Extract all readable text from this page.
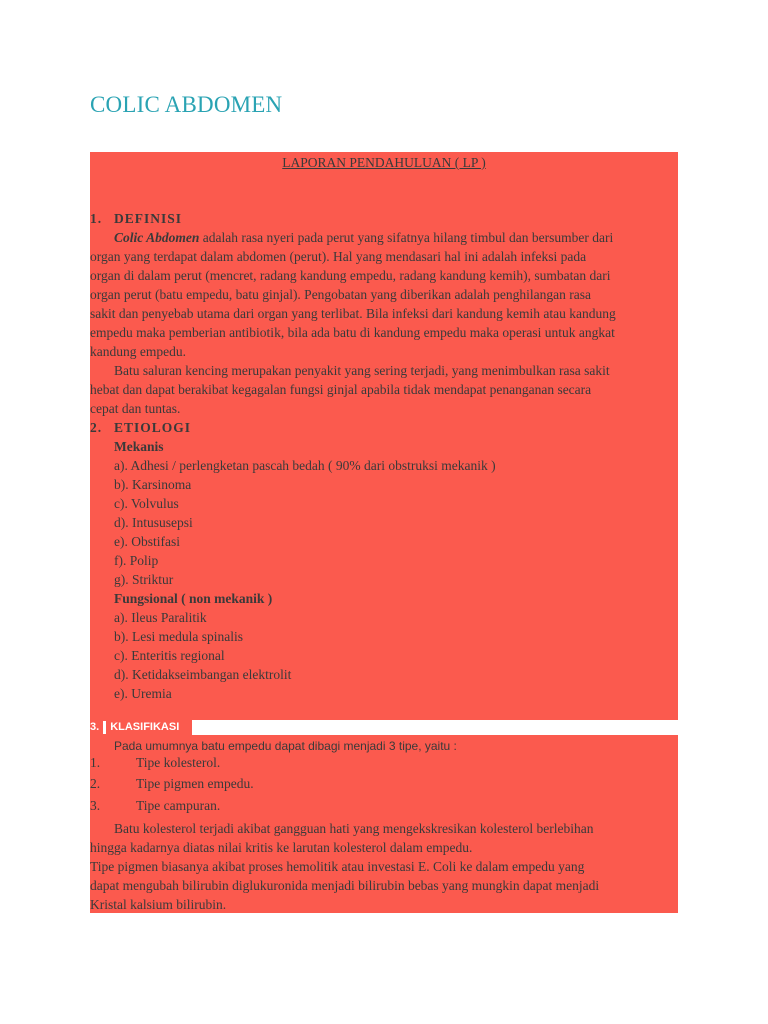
COLIC ABDOMEN
LAPORAN PENDAHULUAN ( LP )
1. DEFINISI
Colic Abdomen adalah rasa nyeri pada perut yang sifatnya hilang timbul dan bersumber dari
organ yang terdapat dalam abdomen (perut). Hal yang mendasari hal ini adalah infeksi pada
organ di dalam perut (mencret, radang kandung empedu, radang kandung kemih), sumbatan dari
organ perut (batu empedu, batu ginjal). Pengobatan yang diberikan adalah penghilangan rasa
sakit dan penyebab utama dari organ yang terlibat. Bila infeksi dari kandung kemih atau kandung
empedu maka pemberian antibiotik, bila ada batu di kandung empedu maka operasi untuk angkat
kandung empedu.
Batu saluran kencing merupakan penyakit yang sering terjadi, yang menimbulkan rasa sakit
hebat dan dapat berakibat kegagalan fungsi ginjal apabila tidak mendapat penanganan secara
cepat dan tuntas.
2. ETIOLOGI
Mekanis
a). Adhesi / perlengketan pascah bedah ( 90% dari obstruksi mekanik )
b). Karsinoma
c). Volvulus
d). Intususepsi
e). Obstifasi
f). Polip
g). Striktur
Fungsional ( non mekanik )
a). Ileus Paralitik
b). Lesi medula spinalis
c). Enteritis regional
d). Ketidakseimbangan elektrolit
e). Uremia
3. KLASIFIKASI
Pada umumnya batu empedu dapat dibagi menjadi 3 tipe, yaitu :
1.	Tipe kolesterol.
2.	Tipe pigmen empedu.
3.	Tipe campuran.
Batu kolesterol terjadi akibat gangguan hati yang mengekskresikan kolesterol berlebihan
hingga kadarnya diatas nilai kritis ke larutan kolesterol dalam empedu.
Tipe pigmen biasanya akibat proses hemolitik atau investasi E. Coli ke dalam empedu yang
dapat mengubah bilirubin diglukuronida menjadi bilirubin bebas yang mungkin dapat menjadi
Kristal kalsium bilirubin.
